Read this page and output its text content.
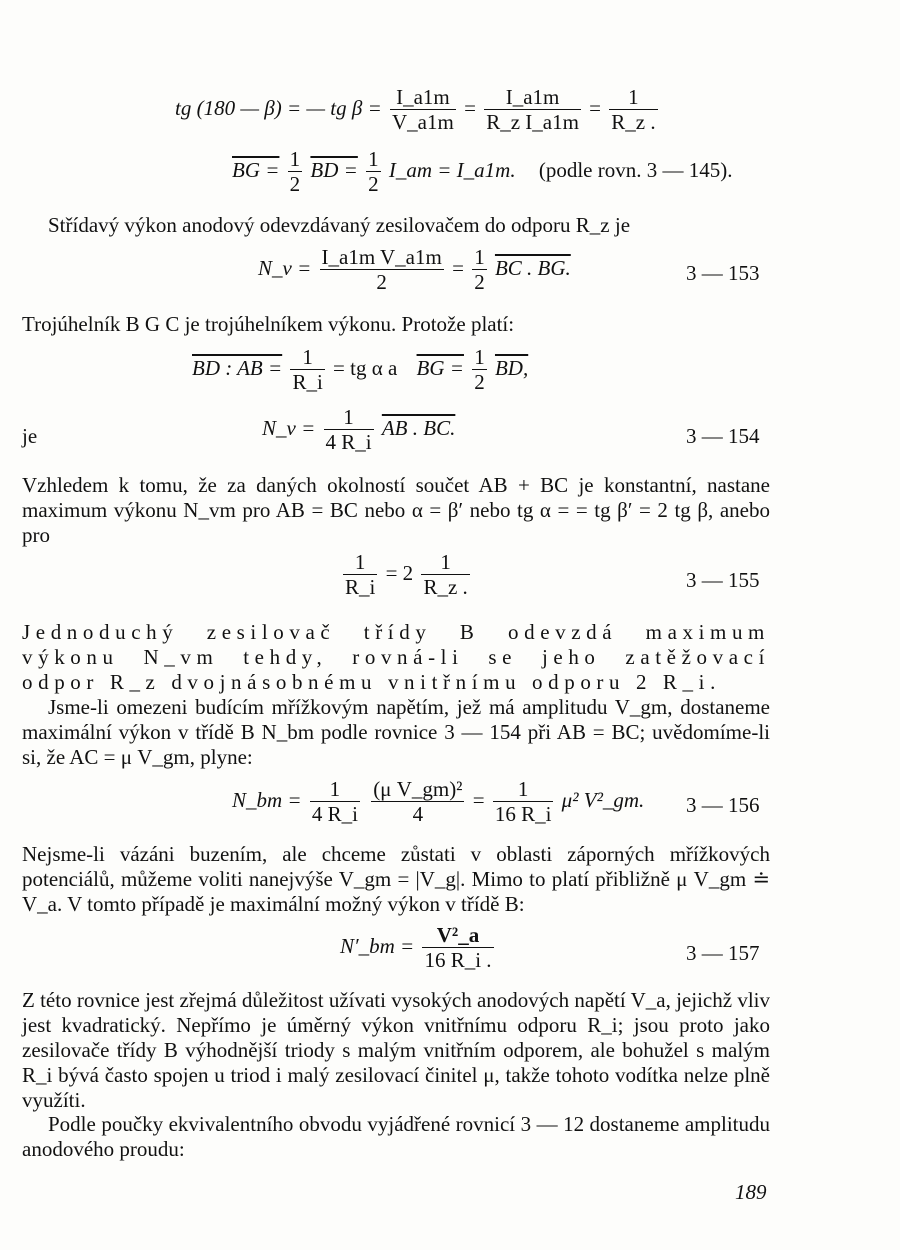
tg (180 — β) = — tg $\beta = \frac{I\_a1m}{V\_a1m} = \frac{I\_a1m}{\text{R\_z I\_a1m}} = \frac{1}{R\_z .}$
BG = $\frac{1}{2}$ BD = $\frac{1}{2}$ I_am = I_a1m. (podle rovn. 3 — 145).
Střídavý výkon anodový odevzdávaný zesilovačem do odporu R_z je
N_v = $\frac{\text{I\_a1m V\_a1m}}{2} = \frac{1}{2}$ BC . BG.	3 — 153
Trojúhelník B G C je trojúhelníkem výkonu. Protože platí:
BD : AB = $\frac{1}{R\_i}$ = tg α a BG = $\frac{1}{2}$ BD,
je	N_v = $\frac{1}{4 R\_i}$ AB . BC.	3 — 154
Vzhledem k tomu, že za daných okolností součet AB + BC je konstantní, nastane maximum výkonu N_vm pro AB = BC nebo α = β′ nebo tg α = = tg β′ = 2 tg β, anebo pro
$\frac{1}{R\_i} = 2 \frac{1}{R\_z .}$	3 — 155
Jednoduchý zesilovač třídy B odevzdá maximum výkonu N_vm tehdy, rovná-li se jeho zatěžovací odpor R_z dvojnásobnému vnitřnímu odporu 2 R_i.
Jsme-li omezeni budícím mřížkovým napětím, jež má amplitudu V_gm, dostaneme maximální výkon v třídě B N_bm podle rovnice 3 — 154 při AB = BC; uvědomíme-li si, že AC = μ V_gm, plyne:
N_bm = $\frac{1}{4 R\_i}$
$\frac{\text{(μ V\_gm)²}}{4} = \frac{1}{16 R\_i} \mu^2$ V²_gm. 3 — 156
Nejsme-li vázáni buzením, ale chceme zůstati v oblasti záporných mřížkových potenciálů, můžeme voliti nanejvýše V_gm = |V_g|. Mimo to platí přibližně μ V_gm ≐ V_a. V tomto případě je maximální možný výkon v třídě B:
N′_bm = $\frac{\text{V²\_a}}{16 R\_i .}$	3 — 157
Z této rovnice jest zřejmá důležitost užívati vysokých anodových napětí V_a, jejichž vliv jest kvadratický. Nepřímo je úměrný výkon vnitřnímu odporu R_i; jsou proto jako zesilovače třídy B výhodnější triody s malým vnitřním odporem, ale bohužel s malým R_i bývá často spojen u triod i malý zesilovací činitel μ, takže tohoto vodítka nelze plně využíti.
Podle poučky ekvivalentního obvodu vyjádřené rovnicí 3 — 12 dostaneme amplitudu anodového proudu:
189
